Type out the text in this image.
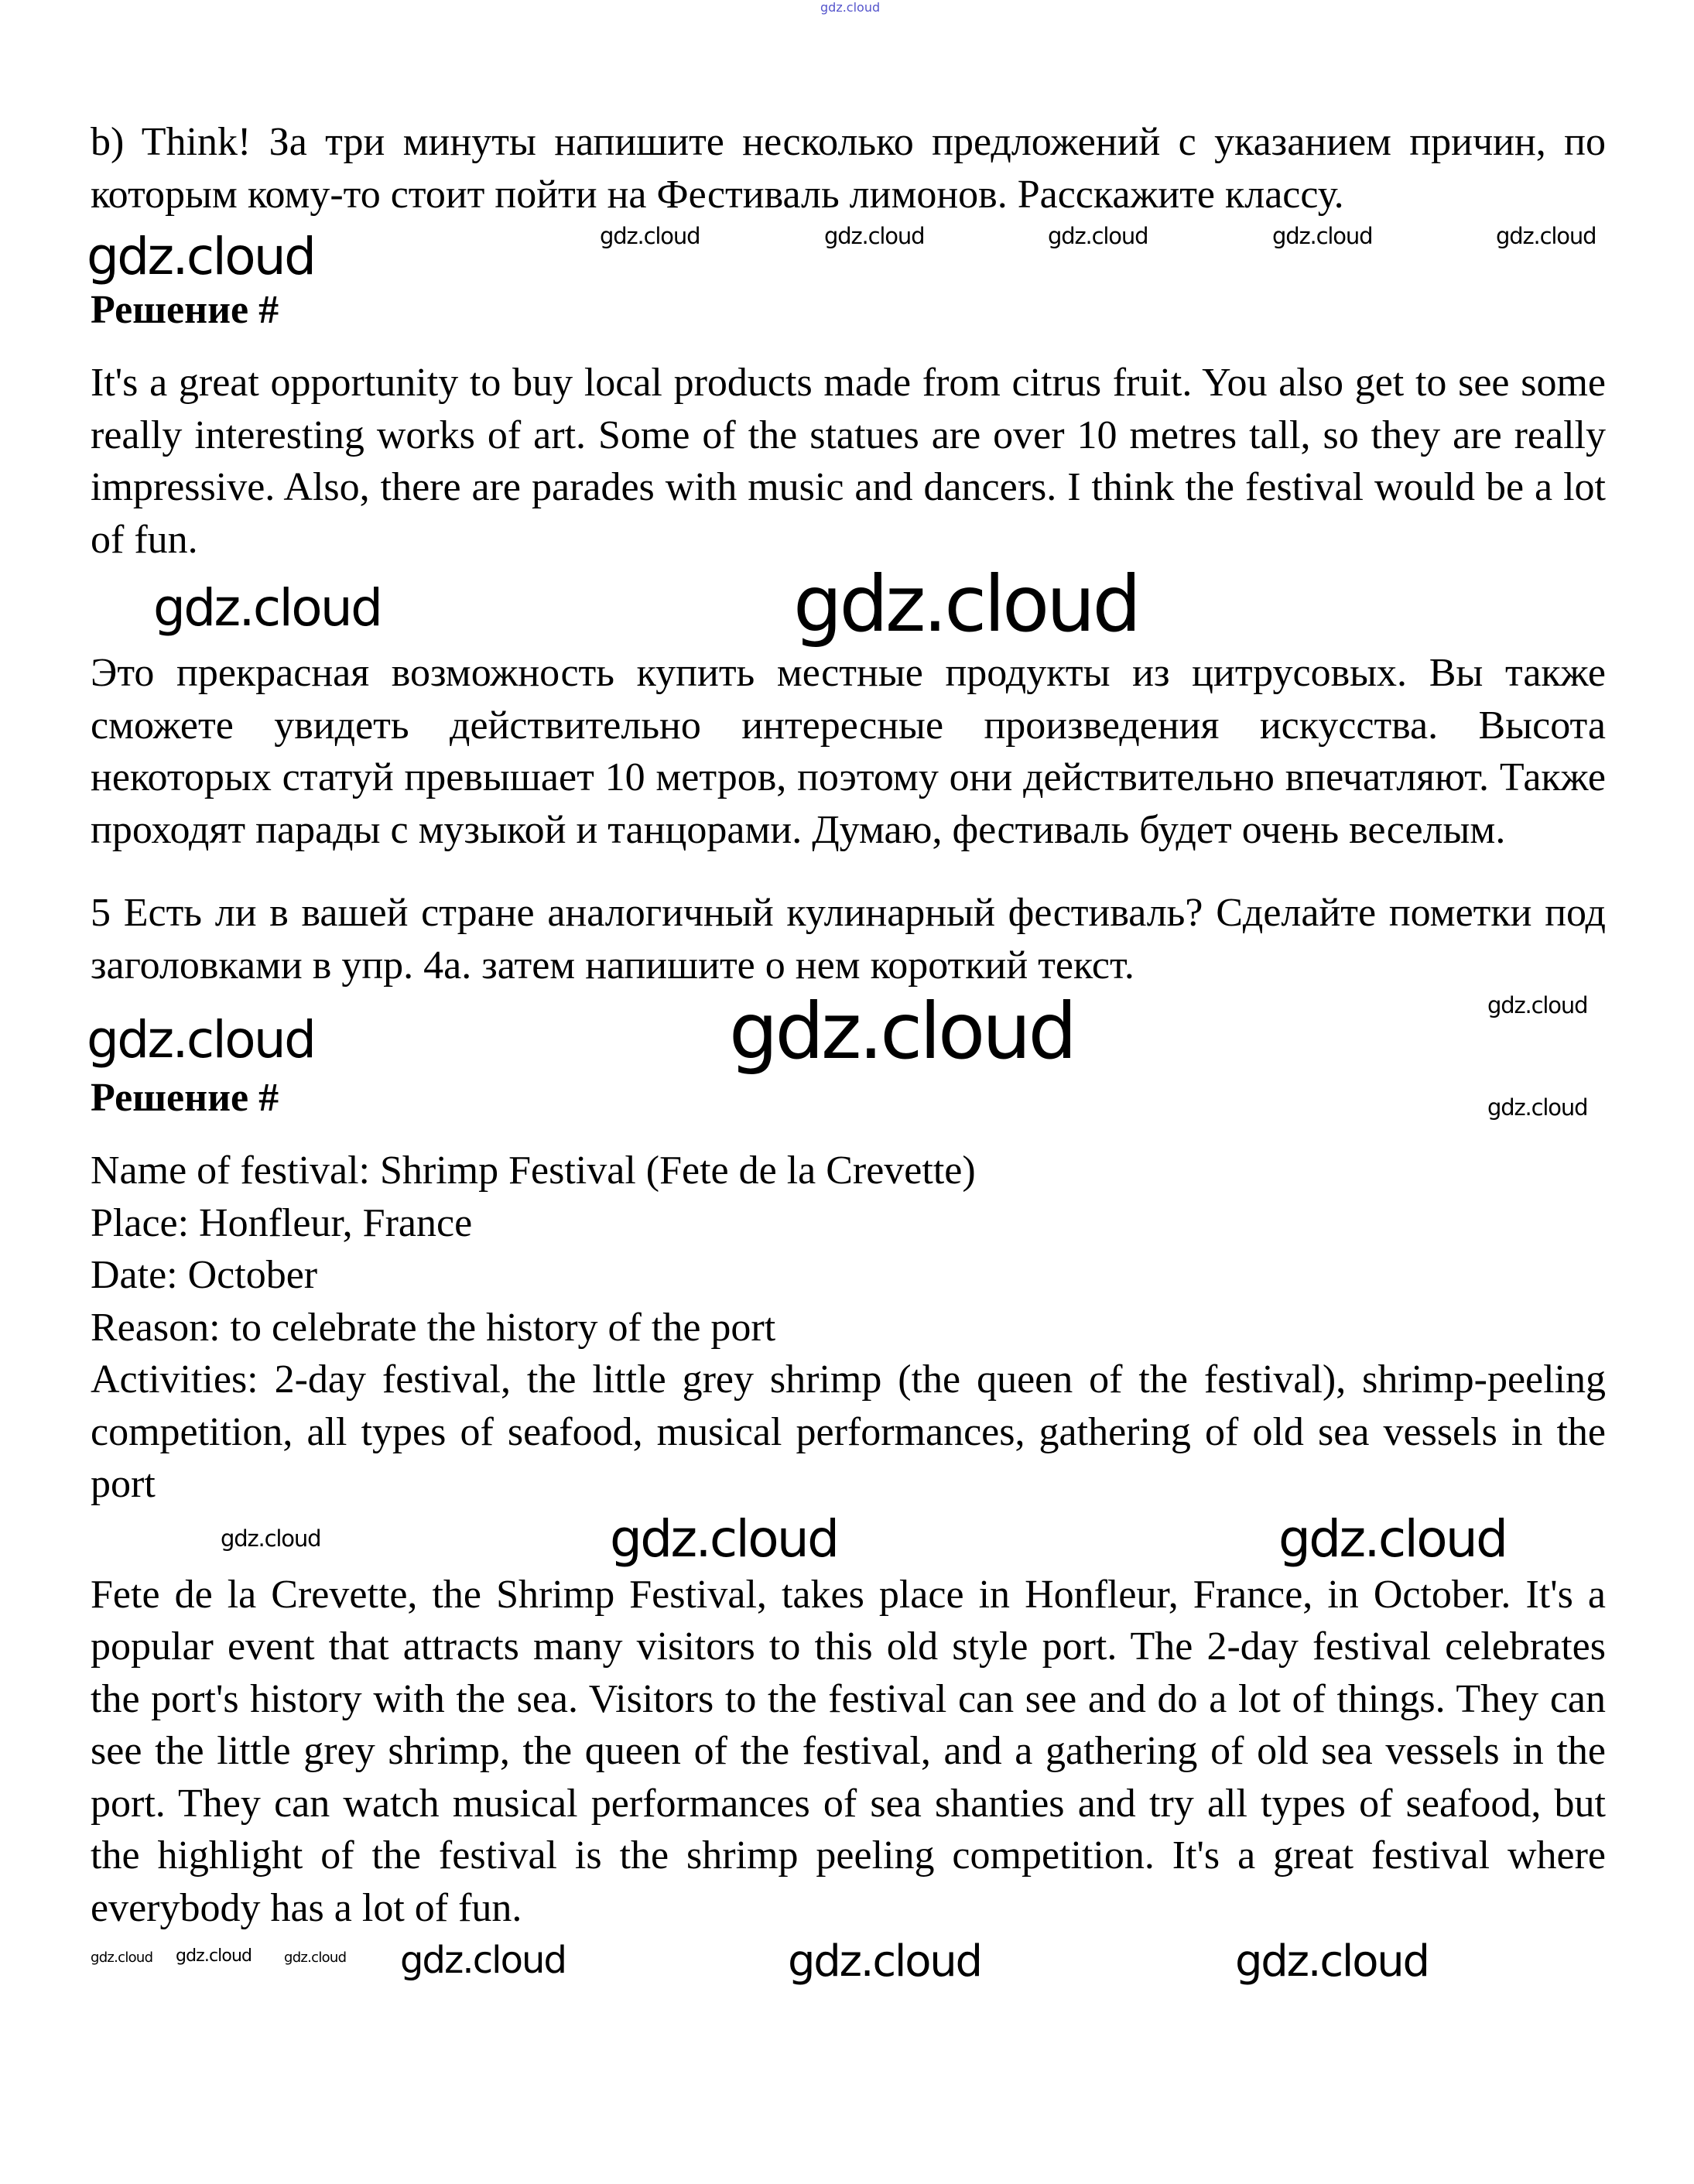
gdz.cloud
b) Think! За три минуты напишите несколько предложений с указанием причин, по которым кому-то стоит пойти на Фестиваль лимонов. Расскажите классу.
gdz.cloud	gdz.cloud	gdz.cloud	gdz.cloud	gdz.cloud	gdz.cloud
Решение #
It's a great opportunity to buy local products made from citrus fruit. You also get to see some really interesting works of art. Some of the statues are over 10 metres tall, so they are really impressive. Also, there are parades with music and dancers. I think the festival would be a lot of fun.
gdz.cloud	gdz.cloud
Это прекрасная возможность купить местные продукты из цитрусовых. Вы также сможете увидеть действительно интересные произведения искусства. Высота некоторых статуй превышает 10 метров, поэтому они действительно впечатляют. Также проходят парады с музыкой и танцорами. Думаю, фестиваль будет очень веселым.
5 Есть ли в вашей стране аналогичный кулинарный фестиваль? Сделайте пометки под заголовками в упр. 4а. затем напишите о нем короткий текст.
gdz.cloud	gdz.cloud	gdz.cloud
Решение #	gdz.cloud
Name of festival: Shrimp Festival (Fete de la Crevette)
Place: Honfleur, France
Date: October
Reason: to celebrate the history of the port
Activities: 2-day festival, the little grey shrimp (the queen of the festival), shrimp-peeling competition, all types of seafood, musical performances, gathering of old sea vessels in the port
gdz.cloud	gdz.cloud	gdz.cloud
Fete de la Crevette, the Shrimp Festival, takes place in Honfleur, France, in October. It's a popular event that attracts many visitors to this old style port. The 2-day festival celebrates the port's history with the sea. Visitors to the festival can see and do a lot of things. They can see the little grey shrimp, the queen of the festival, and a gathering of old sea vessels in the port. They can watch musical performances of sea shanties and try all types of seafood, but the highlight of the festival is the shrimp peeling competition. It's a great festival where everybody has a lot of fun.
gdz.cloud gdz.cloud gdz.cloud gdz.cloud	gdz.cloud	gdz.cloud
